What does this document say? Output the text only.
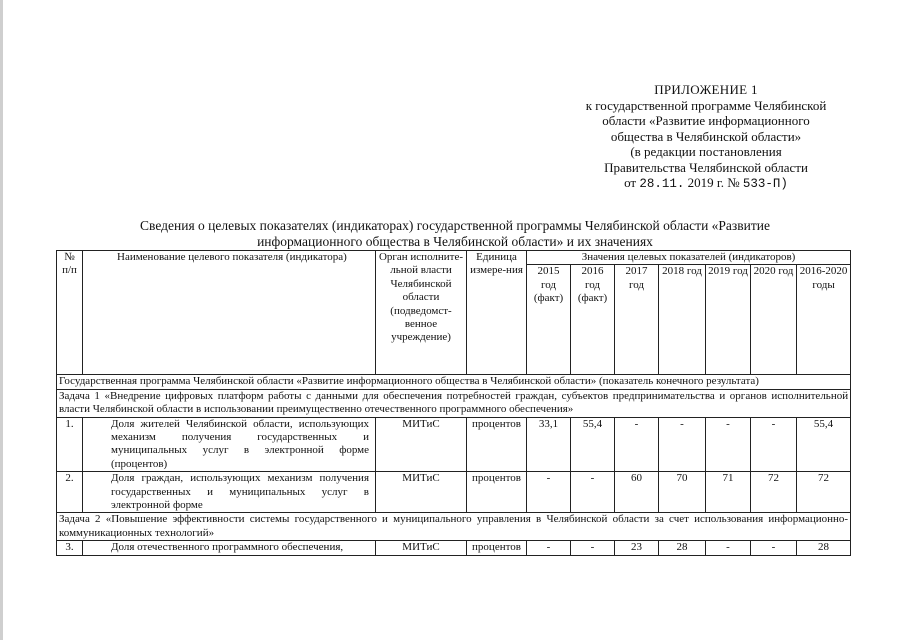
ПРИЛОЖЕНИЕ 1
к государственной программе Челябинской
области «Развитие информационного
общества в Челябинской области»
(в редакции постановления
Правительства Челябинской области
от 28.11. 2019 г. № 533-П)
Сведения о целевых показателях (индикаторах) государственной программы Челябинской области «Развитие
информационного общества в Челябинской области» и их значениях
№ п/п	Наименование целевого показателя (индикатора)	Орган исполните-льной власти Челябинской области (подведомст-венное учреждение)	Единица измере-ния	Значения целевых показателей (индикаторов)						
				2015 год (факт)	2016 год (факт)	2017 год	2018 год	2019 год	2020 год	2016-2020 годы
Государственная программа Челябинской области «Развитие информационного общества в Челябинской области» (показатель конечного результата)										
Задача 1 «Внедрение цифровых платформ работы с данными для обеспечения потребностей граждан, субъектов предпринимательства и органов исполнительной власти Челябинской области в использовании преимущественно отечественного программного обеспечения»										
1.	Доля жителей Челябинской области, использующих механизм получения государственных и муниципальных услуг в электронной форме (процентов)	МИТиС	процентов	33,1	55,4	-	-	-	-	55,4
2.	Доля граждан, использующих механизм получения государственных и муниципальных услуг в электронной форме	МИТиС	процентов	-	-	60	70	71	72	72
Задача 2 «Повышение эффективности системы государственного и муниципального управления в Челябинской области за счет использования информационно-коммуникационных технологий»										
3.	Доля отечественного программного обеспечения,	МИТиС	процентов	-	-	23	28	-	-	28
